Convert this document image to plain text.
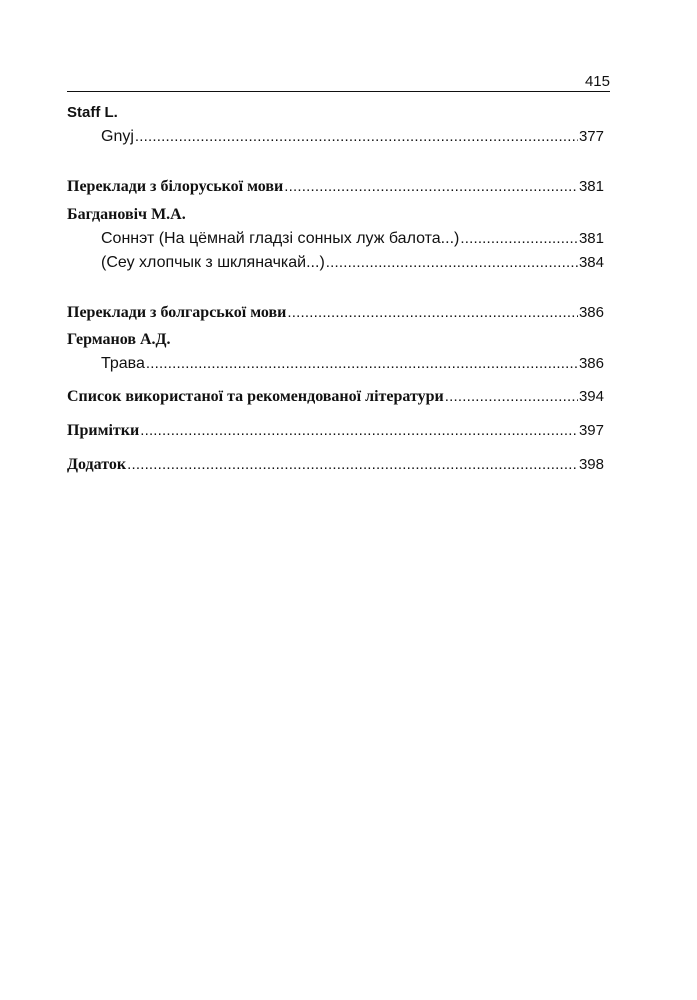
415
Staff L.
Gnyj .....	377
Переклади з білоруської мови .....	381
Багдановіч М.А.
Сoннэт (На цёмнай гладзі сонных луж балота...) .....	381
(Сеу хлопчык з шкляначкай...) .....	384
Переклади з болгарської мови .....	386
Германов А.Д.
Трава .....	386
Список використаної та рекомендованої літератури .....	394
Примітки .....	397
Додаток .....	398
